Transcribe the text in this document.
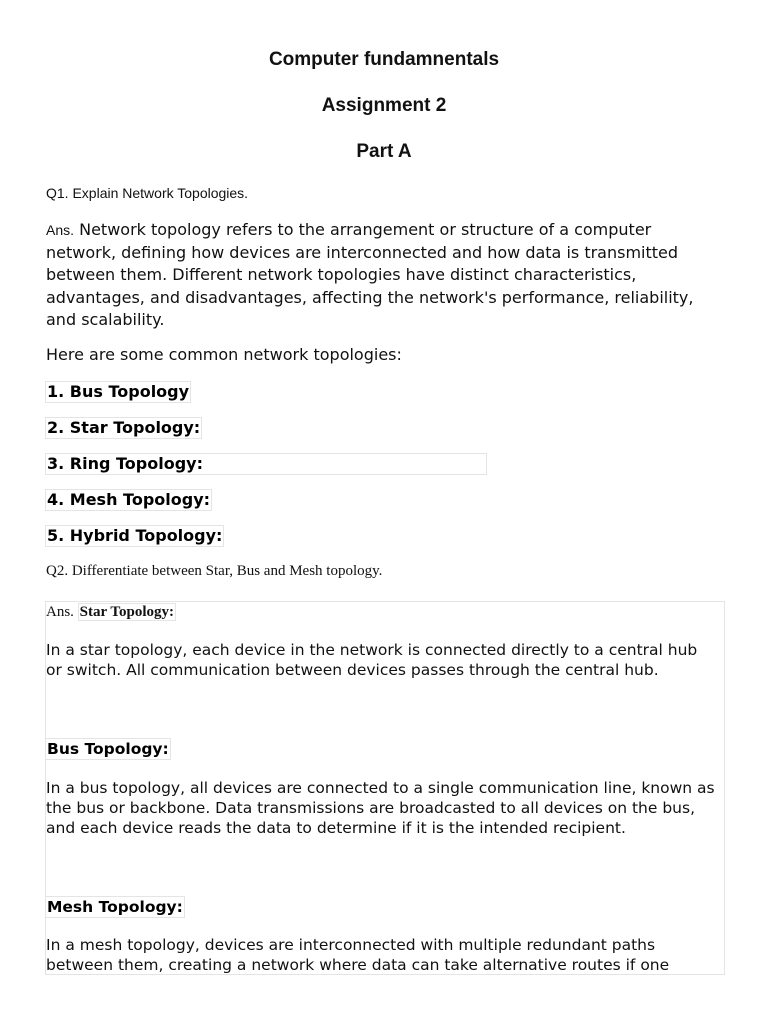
Computer fundamnentals
Assignment 2
Part A
Q1. Explain Network Topologies.
Ans. Network topology refers to the arrangement or structure of a computer network, defining how devices are interconnected and how data is transmitted between them. Different network topologies have distinct characteristics, advantages, and disadvantages, affecting the network's performance, reliability, and scalability.
Here are some common network topologies:
1. Bus Topology
2. Star Topology:
3. Ring Topology:
4. Mesh Topology:
5. Hybrid Topology:
Q2. Differentiate between Star, Bus and Mesh topology.
Ans. Star Topology:
In a star topology, each device in the network is connected directly to a central hub or switch. All communication between devices passes through the central hub.
Bus Topology:
In a bus topology, all devices are connected to a single communication line, known as the bus or backbone. Data transmissions are broadcasted to all devices on the bus, and each device reads the data to determine if it is the intended recipient.
Mesh Topology:
In a mesh topology, devices are interconnected with multiple redundant paths between them, creating a network where data can take alternative routes if one
